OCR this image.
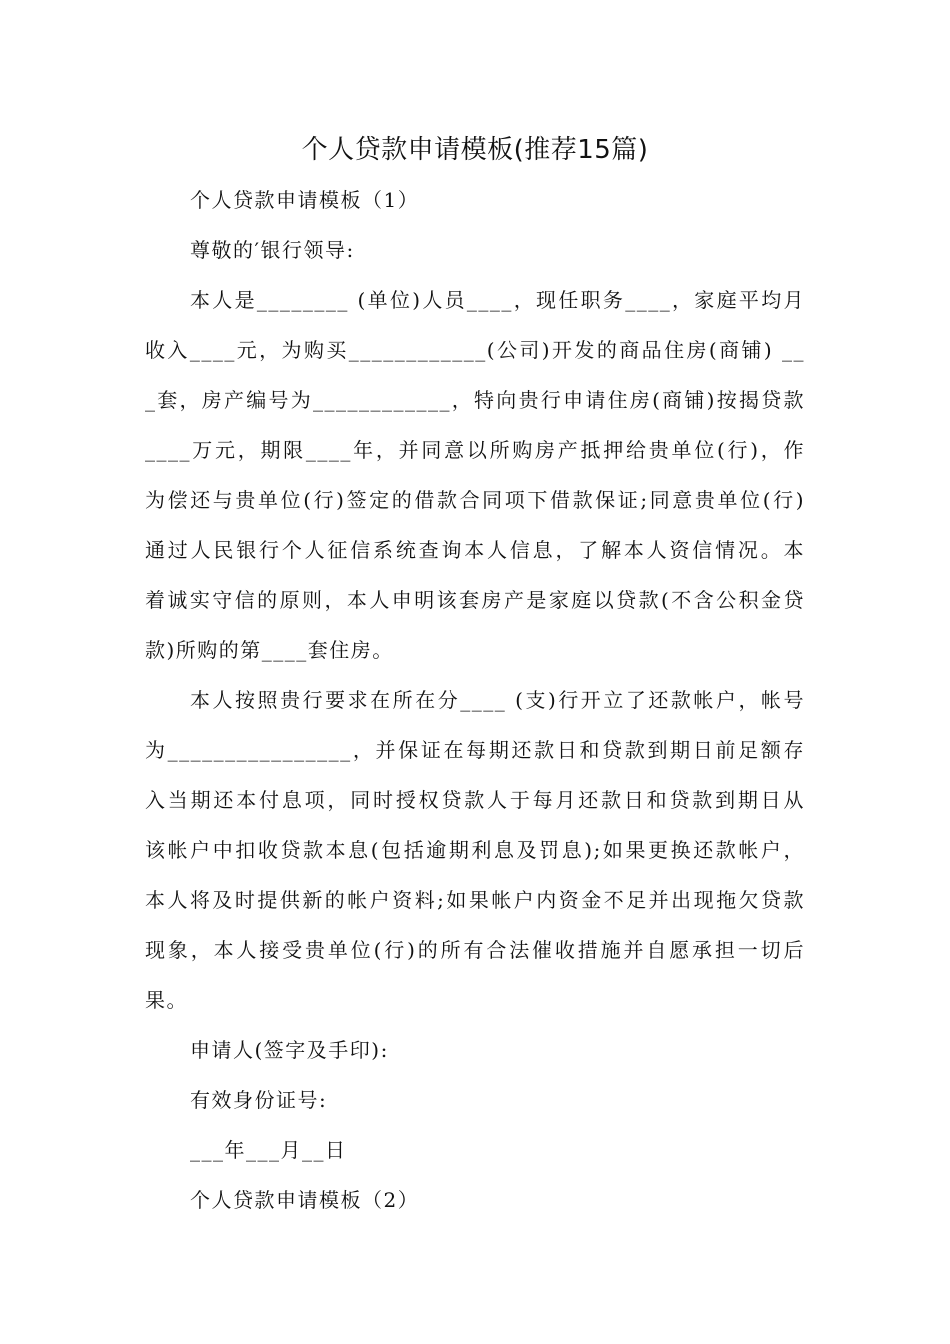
个人贷款申请模板(推荐15篇)
个人贷款申请模板（1）
尊敬的′银行领导:
本人是________ (单位)人员____，现任职务____，家庭平均月
收入____元，为购买____________(公司)开发的商品住房(商铺) __
_套，房产编号为____________，特向贵行申请住房(商铺)按揭贷款
____万元，期限____年，并同意以所购房产抵押给贵单位(行)，作
为偿还与贵单位(行)签定的借款合同项下借款保证;同意贵单位(行)
通过人民银行个人征信系统查询本人信息，了解本人资信情况。本
着诚实守信的原则，本人申明该套房产是家庭以贷款(不含公积金贷
款)所购的第____套住房。
本人按照贵行要求在所在分____ (支)行开立了还款帐户，帐号
为________________，并保证在每期还款日和贷款到期日前足额存
入当期还本付息项，同时授权贷款人于每月还款日和贷款到期日从
该帐户中扣收贷款本息(包括逾期利息及罚息);如果更换还款帐户，
本人将及时提供新的帐户资料;如果帐户内资金不足并出现拖欠贷款
现象，本人接受贵单位(行)的所有合法催收措施并自愿承担一切后
果。
申请人(签字及手印):
有效身份证号:
___年___月__日
个人贷款申请模板（2）
